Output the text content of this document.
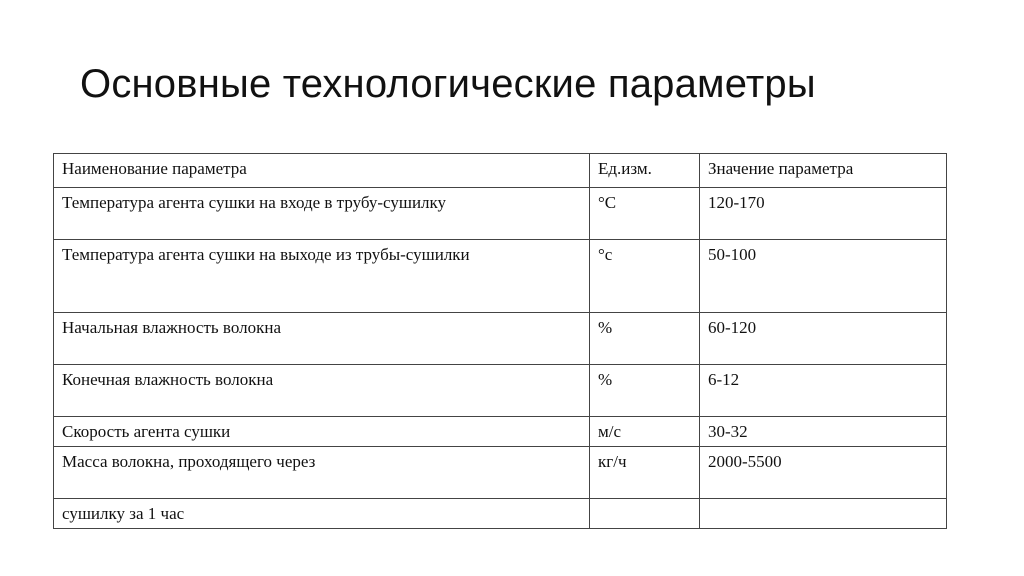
Основные технологические параметры
Наименование параметра	Ед.изм.	Значение параметра
Температура агента сушки на входе в трубу-сушилку	°С	120-170
Температура агента сушки на выходе из трубы-сушилки	°с	50-100
Начальная влажность волокна	%	60-120
Конечная влажность волокна	%	6-12
Скорость агента сушки	м/с	30-32
Масса волокна, проходящего через	кг/ч	2000-5500
сушилку за 1 час		
